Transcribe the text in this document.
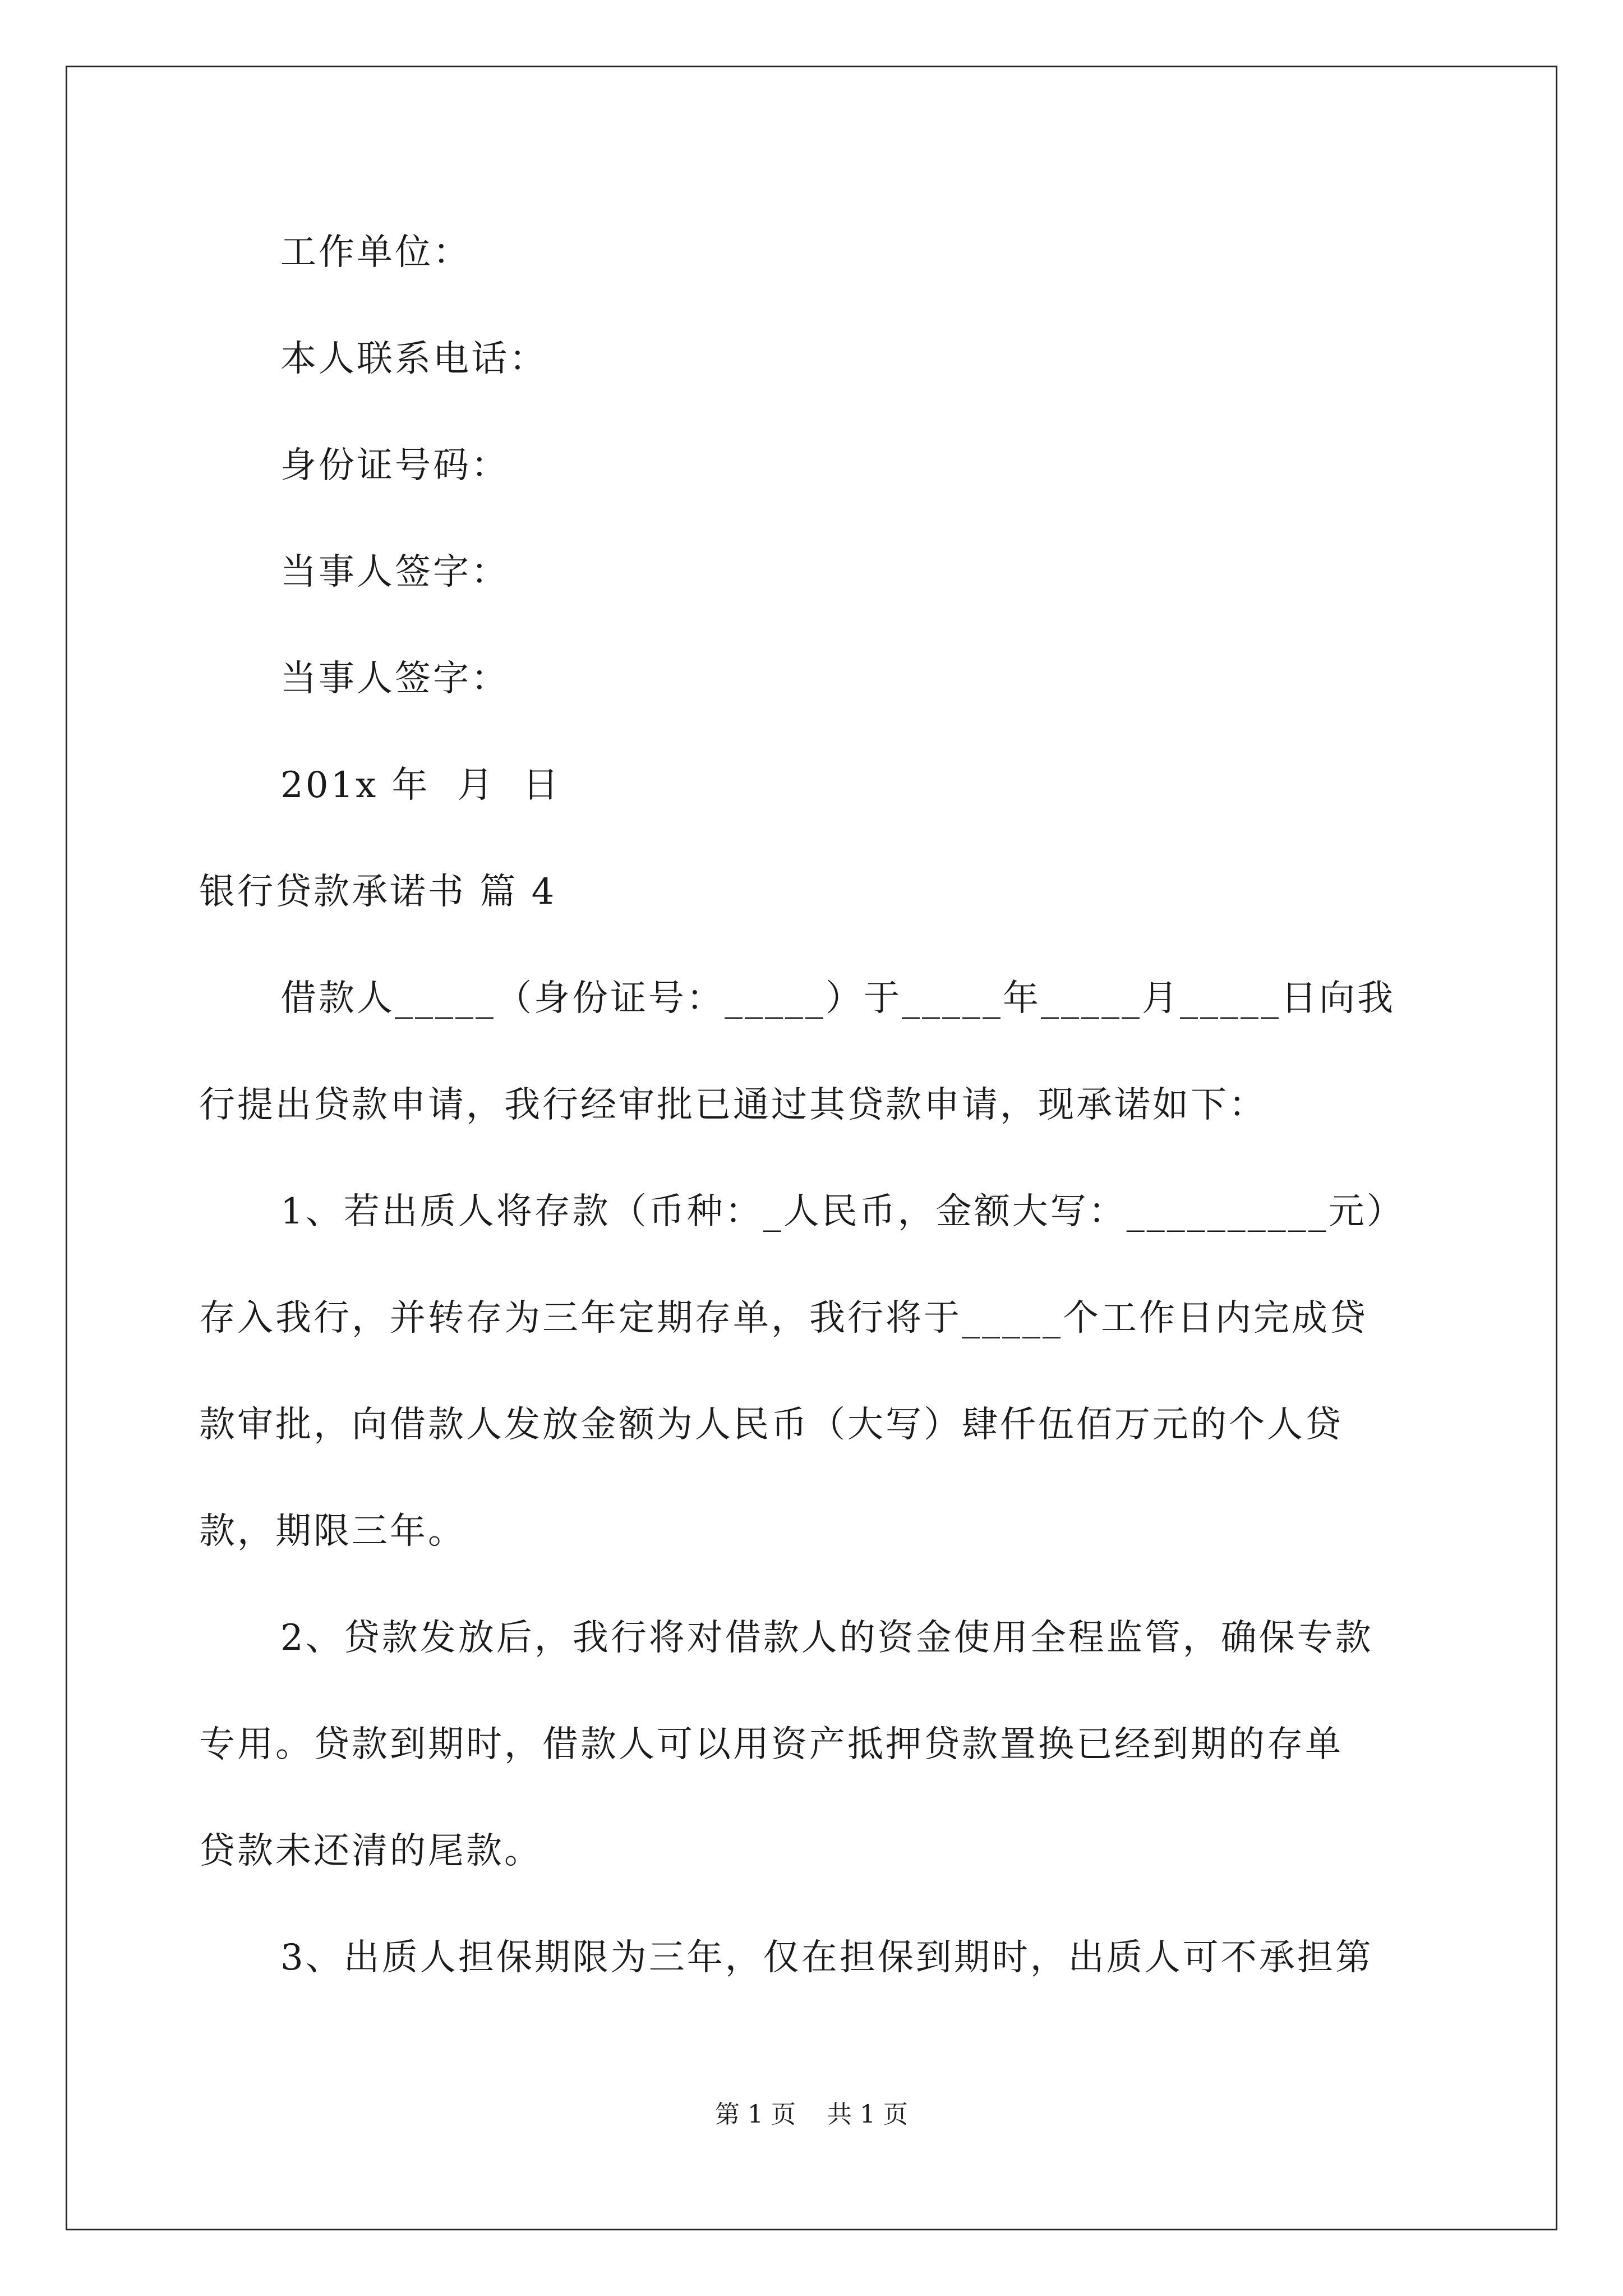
工作单位：
本人联系电话：
身份证号码：
当事人签字：
当事人签字：
201x 年  月  日
银行贷款承诺书 篇 4
借款人_____（身份证号：_____）于_____年_____月_____日向我
行提出贷款申请，我行经审批已通过其贷款申请，现承诺如下：
1、若出质人将存款（币种：_人民币，金额大写：__________元）
存入我行，并转存为三年定期存单，我行将于_____个工作日内完成贷
款审批，向借款人发放金额为人民币（大写）肆仟伍佰万元的个人贷
款，期限三年。
2、贷款发放后，我行将对借款人的资金使用全程监管，确保专款
专用。贷款到期时，借款人可以用资产抵押贷款置换已经到期的存单
贷款未还清的尾款。
3、出质人担保期限为三年，仅在担保到期时，出质人可不承担第
第 1 页    共 1 页
